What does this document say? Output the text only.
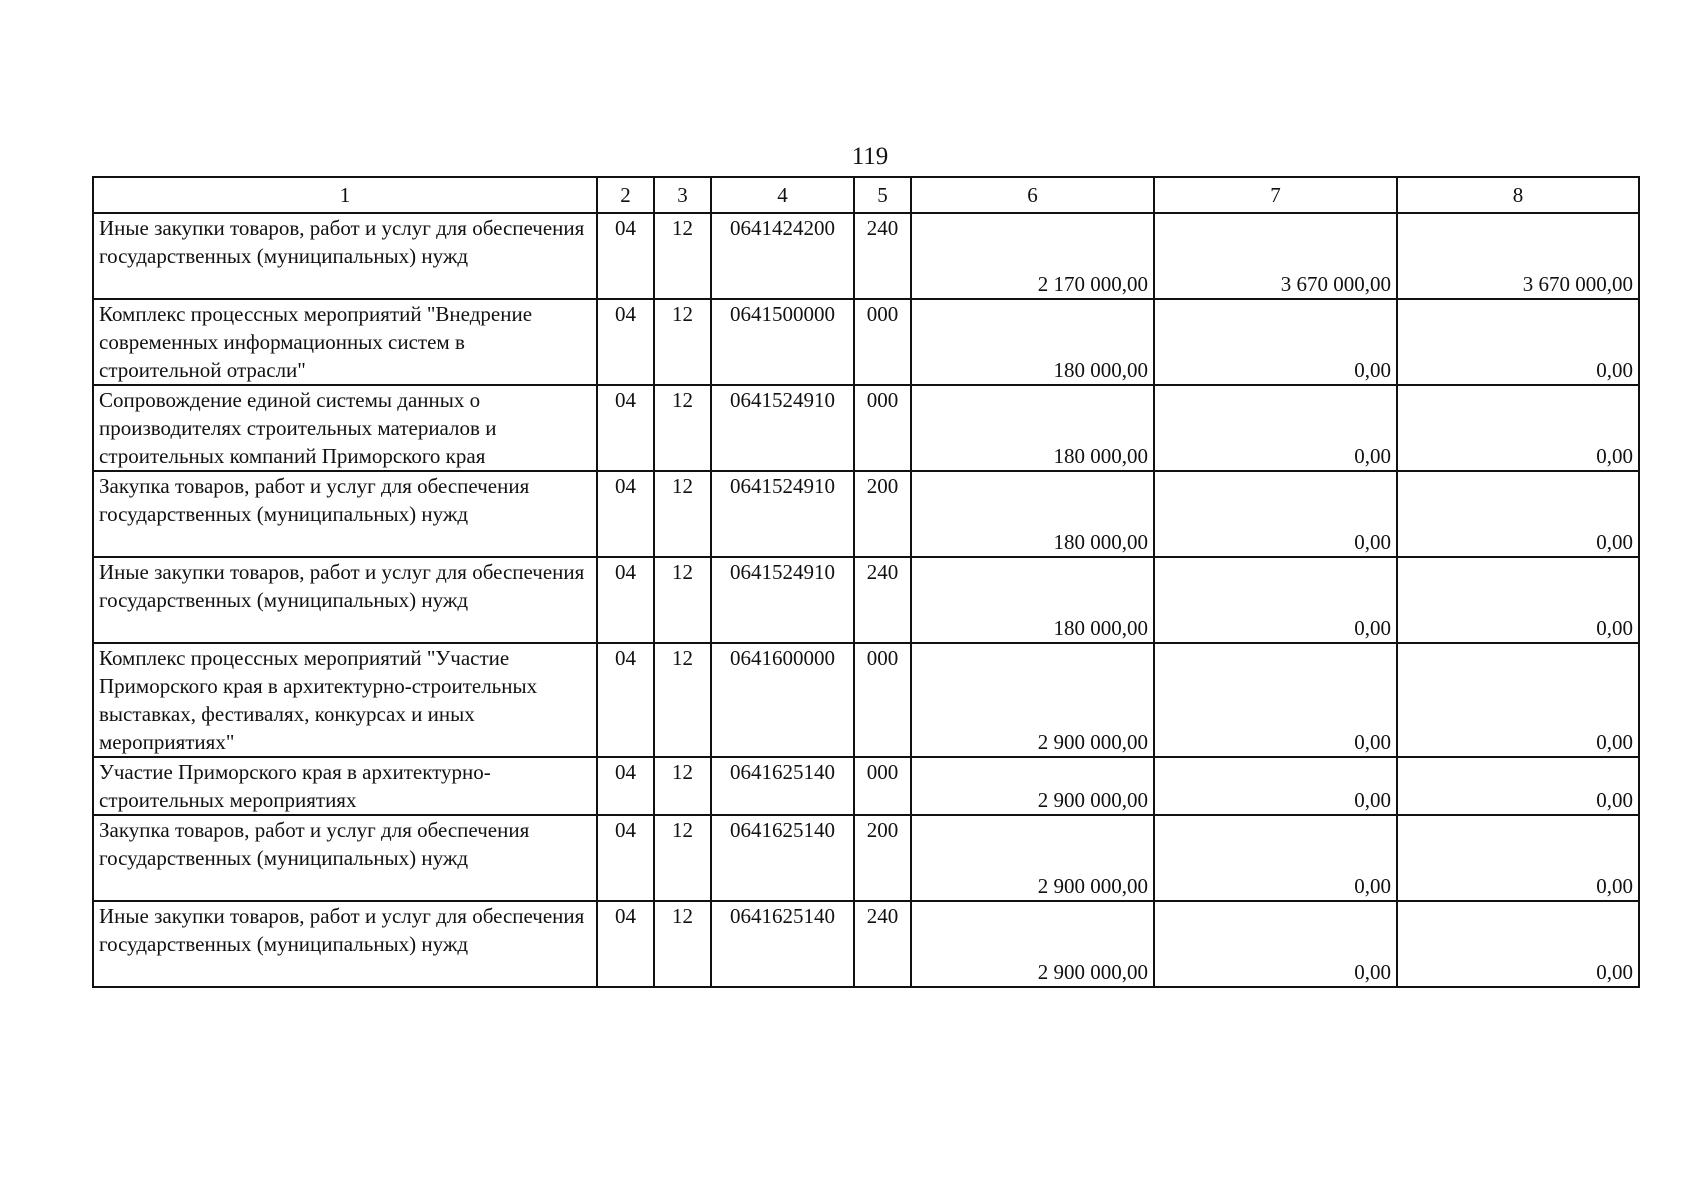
119
1	2	3	4	5	6	7	8
Иные закупки товаров, работ и услуг для обеспечения государственных (муниципальных) нужд	04	12	0641424200	240	2 170 000,00	3 670 000,00	3 670 000,00
Комплекс процессных мероприятий "Внедрение современных информационных систем в строительной отрасли"	04	12	0641500000	000	180 000,00	0,00	0,00
Сопровождение единой системы данных о производителях строительных материалов и строительных компаний Приморского края	04	12	0641524910	000	180 000,00	0,00	0,00
Закупка товаров, работ и услуг для обеспечения государственных (муниципальных) нужд	04	12	0641524910	200	180 000,00	0,00	0,00
Иные закупки товаров, работ и услуг для обеспечения государственных (муниципальных) нужд	04	12	0641524910	240	180 000,00	0,00	0,00
Комплекс процессных мероприятий "Участие Приморского края в архитектурно-строительных выставках, фестивалях, конкурсах и иных мероприятиях"	04	12	0641600000	000	2 900 000,00	0,00	0,00
Участие Приморского края в архитектурно-строительных мероприятиях	04	12	0641625140	000	2 900 000,00	0,00	0,00
Закупка товаров, работ и услуг для обеспечения государственных (муниципальных) нужд	04	12	0641625140	200	2 900 000,00	0,00	0,00
Иные закупки товаров, работ и услуг для обеспечения государственных (муниципальных) нужд	04	12	0641625140	240	2 900 000,00	0,00	0,00
